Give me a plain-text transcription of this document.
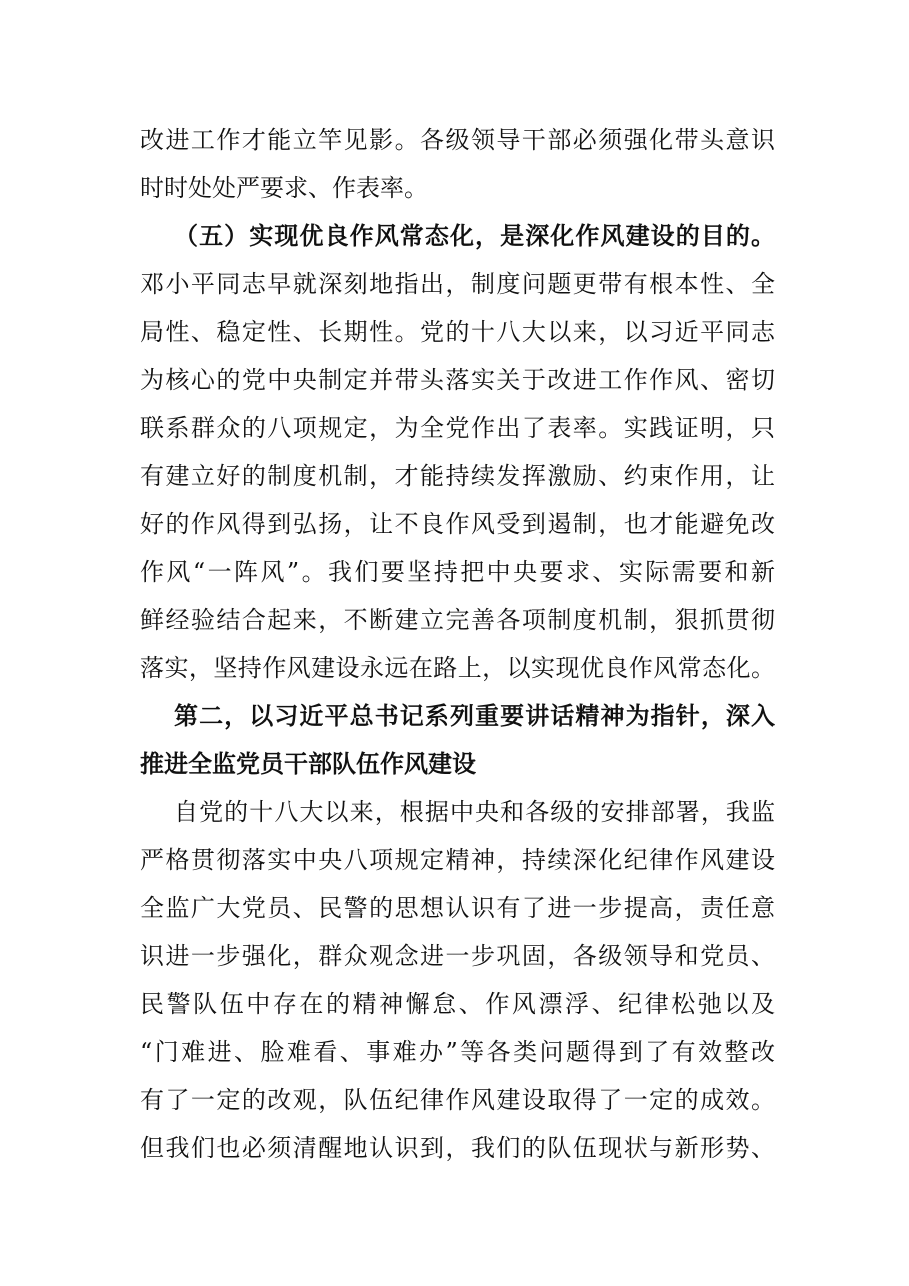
改进工作才能立竿见影。各级领导干部必须强化带头意识
时时处处严要求、作表率。
（五）实现优良作风常态化，是深化作风建设的目的。
邓小平同志早就深刻地指出，制度问题更带有根本性、全
局性、稳定性、长期性。党的十八大以来，以习近平同志
为核心的党中央制定并带头落实关于改进工作作风、密切
联系群众的八项规定，为全党作出了表率。实践证明，只
有建立好的制度机制，才能持续发挥激励、约束作用，让
好的作风得到弘扬，让不良作风受到遏制，也才能避免改
作风“一阵风”。我们要坚持把中央要求、实际需要和新
鲜经验结合起来，不断建立完善各项制度机制，狠抓贯彻
落实，坚持作风建设永远在路上，以实现优良作风常态化。
第二，以习近平总书记系列重要讲话精神为指针，深入
推进全监党员干部队伍作风建设
自党的十八大以来，根据中央和各级的安排部署，我监
严格贯彻落实中央八项规定精神，持续深化纪律作风建设
全监广大党员、民警的思想认识有了进一步提高，责任意
识进一步强化，群众观念进一步巩固，各级领导和党员、
民警队伍中存在的精神懈怠、作风漂浮、纪律松弛以及
“门难进、脸难看、事难办”等各类问题得到了有效整改
有了一定的改观，队伍纪律作风建设取得了一定的成效。
但我们也必须清醒地认识到，我们的队伍现状与新形势、
